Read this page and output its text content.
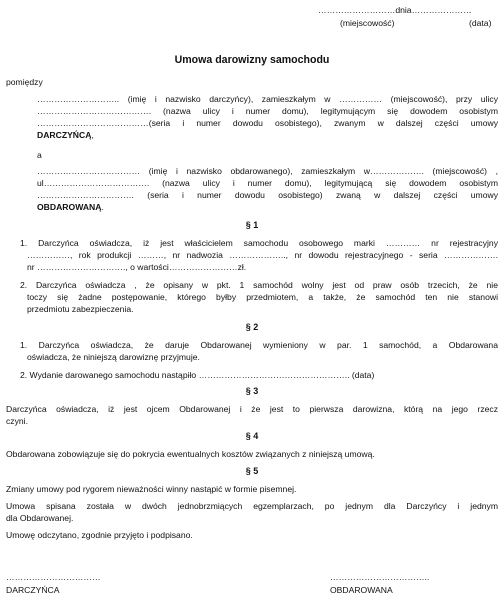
………………………dnia…………………
(miejscowość)	(data)
Umowa darowizny samochodu
pomiędzy
……………………….. (imię i nazwisko darczyńcy), zamieszkałym w …………… (miejscowość), przy ulicy
…………………………………. (nazwa ulicy i numer domu), legitymującym się dowodem osobistym
…………………………………(seria i numer dowodu osobistego), zwanym w dalszej części umowy
DARCZYŃCĄ,
a
……………………………… (imię i nazwisko obdarowanego), zamieszkałym w………………. (miejscowość) ,
ul………………………………. (nazwa ulicy i numer domu), legitymującą się dowodem osobistym
……………………………. (seria i numer dowodu osobistego) zwaną w dalszej części umowy
OBDAROWANĄ.
§ 1
1. Darczyńca oświadcza, iż jest właścicielem samochodu osobowego marki ………… nr rejestracyjny
……………, rok produkcji ………, nr nadwozia ……………….., nr dowodu rejestracyjnego - seria ……………….
nr …………………………., o wartości……………………zł.
2. Darczyńca oświadcza , że opisany w pkt. 1 samochód wolny jest od praw osób trzecich, że nie
toczy się żadne postępowanie, którego byłby przedmiotem, a także, że samochód ten nie stanowi
przedmiotu zabezpieczenia.
§ 2
1. Darczyńca oświadcza, że daruje Obdarowanej wymieniony w par. 1 samochód, a Obdarowana
oświadcza, że niniejszą darowiznę przyjmuje.
2. Wydanie darowanego samochodu nastąpiło …………………………………………….. (data)
§ 3
Darczyńca oświadcza, iż jest ojcem Obdarowanej i że jest to pierwsza darowizna, którą na jego rzecz
czyni.
§ 4
Obdarowana zobowiązuje się do pokrycia ewentualnych kosztów związanych z niniejszą umową.
§ 5
Zmiany umowy pod rygorem nieważności winny nastąpić w formie pisemnej.
Umowa spisana została w dwóch jednobrzmiących egzemplarzach, po jednym dla Darczyńcy i jednym
dla Obdarowanej.
Umowę odczytano, zgodnie przyjęto i podpisano.
……………………………
DARCZYŃCA
……………………………..
OBDAROWANA
